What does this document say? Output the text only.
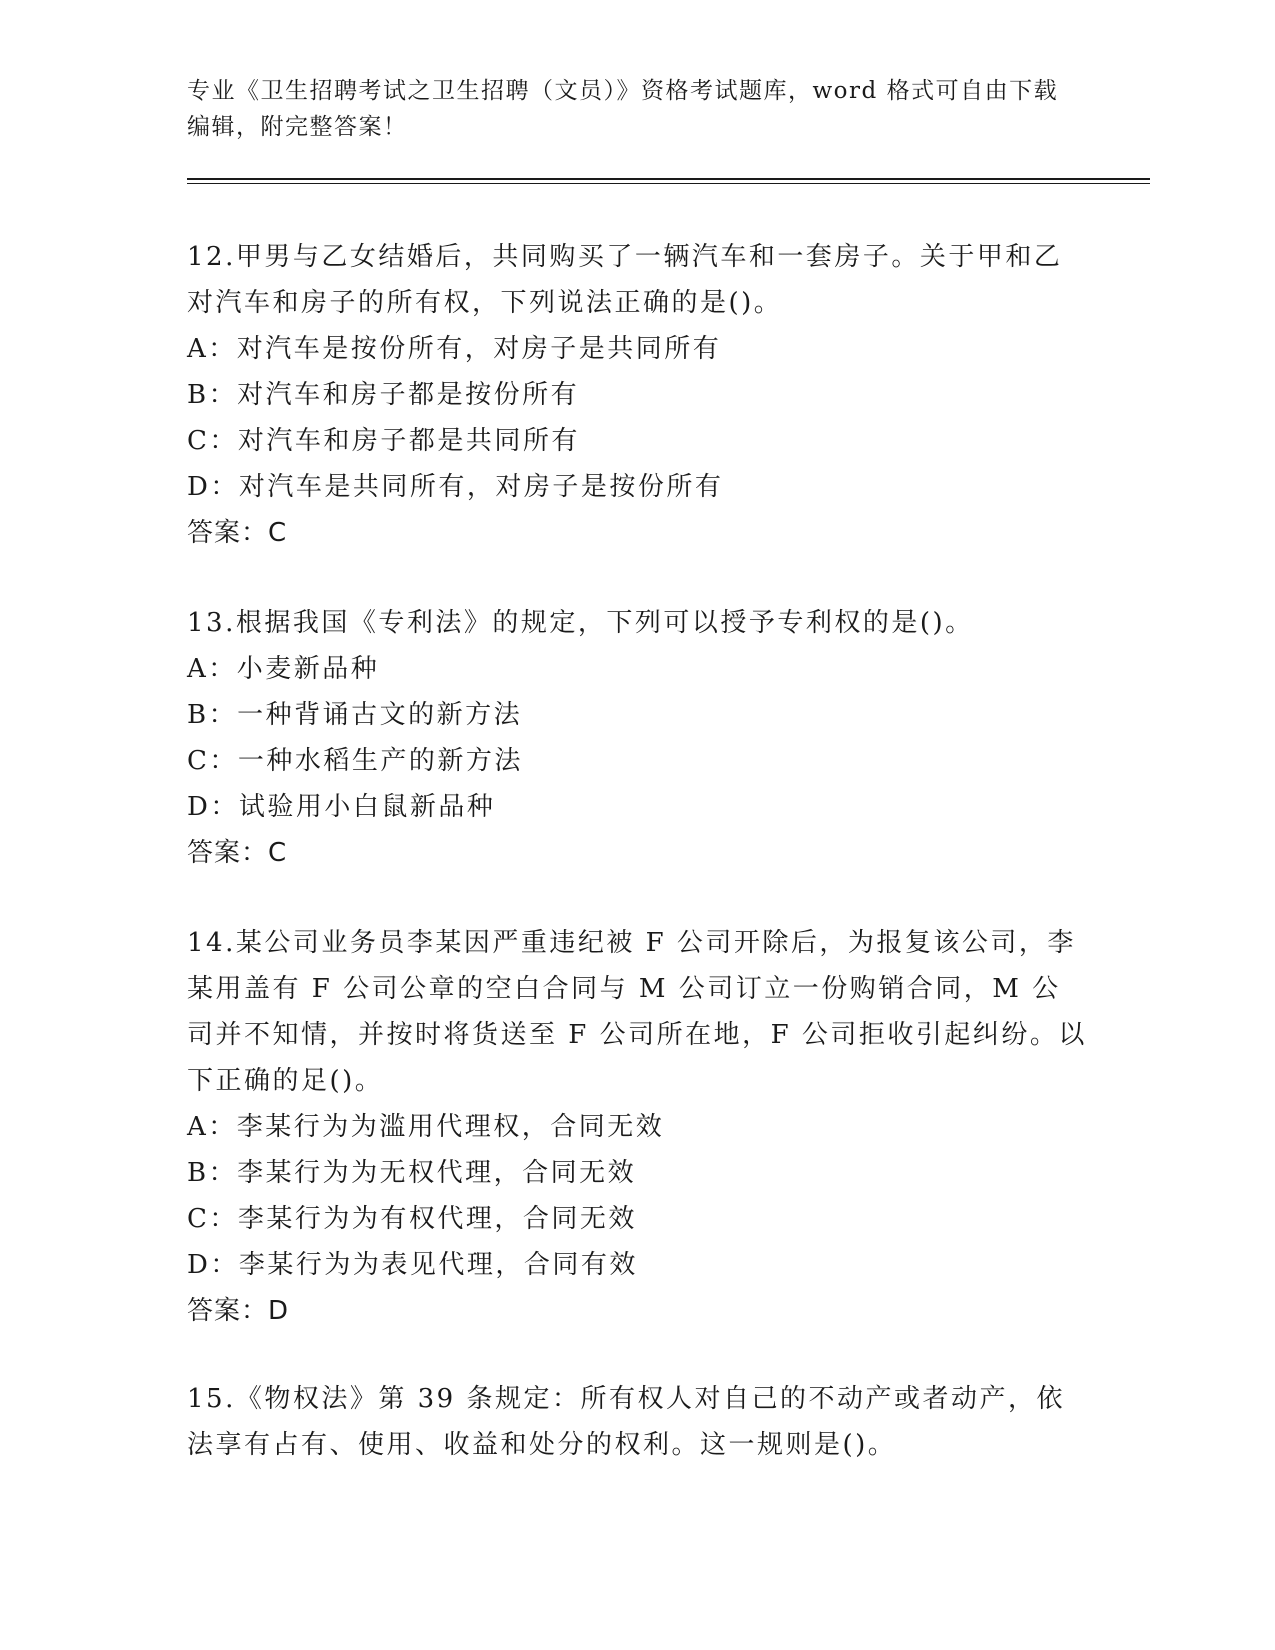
专业《卫生招聘考试之卫生招聘（文员）》资格考试题库，word 格式可自由下载
编辑，附完整答案！
12.甲男与乙女结婚后，共同购买了一辆汽车和一套房子。关于甲和乙对汽车和房子的所有权，下列说法正确的是()。
A：对汽车是按份所有，对房子是共同所有
B：对汽车和房子都是按份所有
C：对汽车和房子都是共同所有
D：对汽车是共同所有，对房子是按份所有
答案：C
13.根据我国《专利法》的规定，下列可以授予专利权的是()。
A：小麦新品种
B：一种背诵古文的新方法
C：一种水稻生产的新方法
D：试验用小白鼠新品种
答案：C
14.某公司业务员李某因严重违纪被 F 公司开除后，为报复该公司，李某用盖有 F 公司公章的空白合同与 M 公司订立一份购销合同，M 公司并不知情，并按时将货送至 F 公司所在地，F 公司拒收引起纠纷。以下正确的足()。
A：李某行为为滥用代理权，合同无效
B：李某行为为无权代理，合同无效
C：李某行为为有权代理，合同无效
D：李某行为为表见代理，合同有效
答案：D
15.《物权法》第 39 条规定：所有权人对自己的不动产或者动产，依法享有占有、使用、收益和处分的权利。这一规则是()。
